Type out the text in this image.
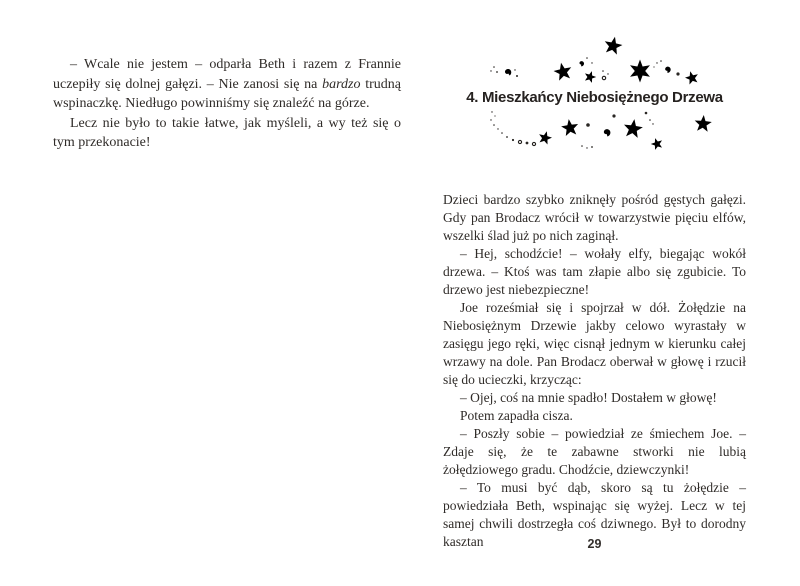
– Wcale nie jestem – odparła Beth i razem z Frannie uczepiły się dolnej gałęzi. – Nie zanosi się na bardzo trudną wspinaczkę. Niedługo powinniśmy się znaleźć na górze.

Lecz nie było to takie łatwe, jak myśleli, a wy też się o tym przekonacie!

4. Mieszkańcy Niebosiężnego Drzewa

Dzieci bardzo szybko zniknęły pośród gęstych gałęzi. Gdy pan Brodacz wrócił w towarzystwie pięciu elfów, wszelki ślad już po nich zaginął.

– Hej, schodźcie! – wołały elfy, biegając wokół drzewa. – Ktoś was tam złapie albo się zgubicie. To drzewo jest niebezpieczne!

Joe roześmiał się i spojrzał w dół. Żołędzie na Niebosiężnym Drzewie jakby celowo wyrastały w zasięgu jego ręki, więc cisnął jednym w kierunku całej wrzawy na dole. Pan Brodacz oberwał w głowę i rzucił się do ucieczki, krzycząc:

– Ojej, coś na mnie spadło! Dostałem w głowę!

Potem zapadła cisza.

– Poszły sobie – powiedział ze śmiechem Joe. – Zdaje się, że te zabawne stworki nie lubią żołędziowego gradu. Chodźcie, dziewczynki!

– To musi być dąb, skoro są tu żołędzie – powiedziała Beth, wspinając się wyżej. Lecz w tej samej chwili dostrzegła coś dziwnego. Był to dorodny kasztan	29
